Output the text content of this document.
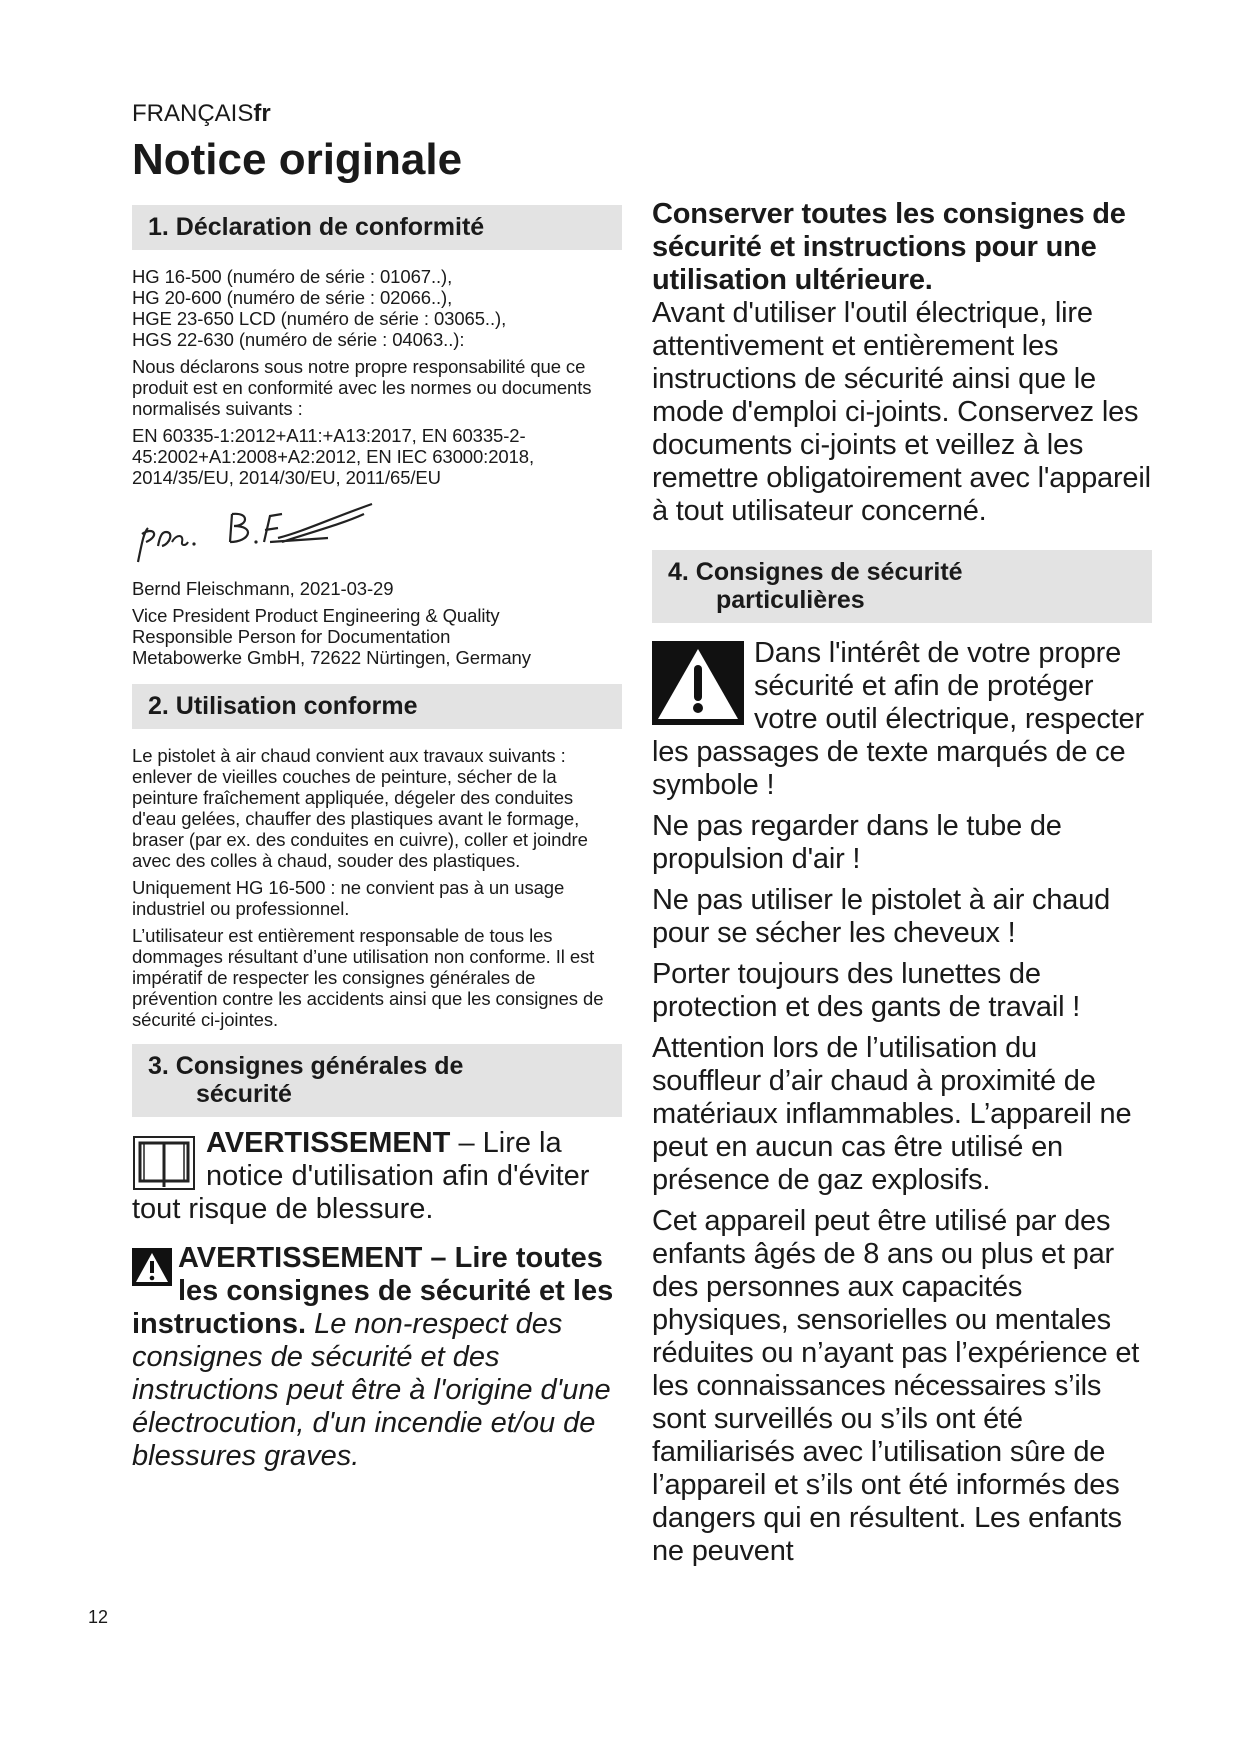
FRANÇAISfr
Notice originale
1. Déclaration de conformité

HG 16-500 (numéro de série : 01067..),
HG 20-600 (numéro de série : 02066..),
HGE 23-650 LCD (numéro de série : 03065..),
HGS 22-630 (numéro de série : 04063..):

Nous déclarons sous notre propre responsabilité que ce produit est en conformité avec les normes ou documents normalisés suivants :

EN 60335-1:2012+A11:+A13:2017, EN 60335-2-45:2002+A1:2008+A2:2012, EN IEC 63000:2018, 2014/35/EU, 2014/30/EU, 2011/65/EU

Bernd Fleischmann, 2021-03-29

Vice President Product Engineering & Quality

Responsible Person for Documentation

Metabowerke GmbH, 72622 Nürtingen, Germany

2. Utilisation conforme

Le pistolet à air chaud convient aux travaux suivants :
enlever de vieilles couches de peinture, sécher de la peinture fraîchement appliquée, dégeler des conduites d'eau gelées, chauffer des plastiques avant le formage, braser (par ex. des conduites en cuivre), coller et joindre avec des colles à chaud, souder des plastiques.

Uniquement HG 16-500 : ne convient pas à un usage industriel ou professionnel.

L’utilisateur est entièrement responsable de tous les dommages résultant d’une utilisation non conforme. Il est impératif de respecter les consignes générales de prévention contre les accidents ainsi que les consignes de sécurité ci-jointes.

3. Consignes générales de
sécurité

AVERTISSEMENT – Lire la notice d'utilisation afin d'éviter tout risque de blessure.

AVERTISSEMENT – Lire toutes les consignes de sécurité et les instructions. Le non-respect des consignes de sécurité et des instructions peut être à l'origine d'une électrocution, d'un incendie et/ou de blessures graves.

Conserver toutes les consignes de sécurité et instructions pour une utilisation ultérieure.
Avant d'utiliser l'outil électrique, lire attentivement et entièrement les instructions de sécurité ainsi que le mode d'emploi ci-joints. Conservez les documents ci-joints et veillez à les remettre obligatoirement avec l'appareil à tout utilisateur concerné.

4. Consignes de sécurité
particulières

Dans l'intérêt de votre propre sécurité et afin de protéger votre outil électrique, respecter les passages de texte marqués de ce symbole !

Ne pas regarder dans le tube de propulsion d'air !

Ne pas utiliser le pistolet à air chaud pour se sécher les cheveux !

Porter toujours des lunettes de protection et des gants de travail !

Attention lors de l’utilisation du souffleur d’air chaud à proximité de matériaux inflammables. L’appareil ne peut en aucun cas être utilisé en présence de gaz explosifs.

Cet appareil peut être utilisé par des enfants âgés de 8 ans ou plus et par des personnes aux capacités physiques, sensorielles ou mentales réduites ou n’ayant pas l’expérience et les connaissances nécessaires s’ils sont surveillés ou s’ils ont été familiarisés avec l’utilisation sûre de l’appareil et s’ils ont été informés des dangers qui en résultent. Les enfants ne peuvent

12
